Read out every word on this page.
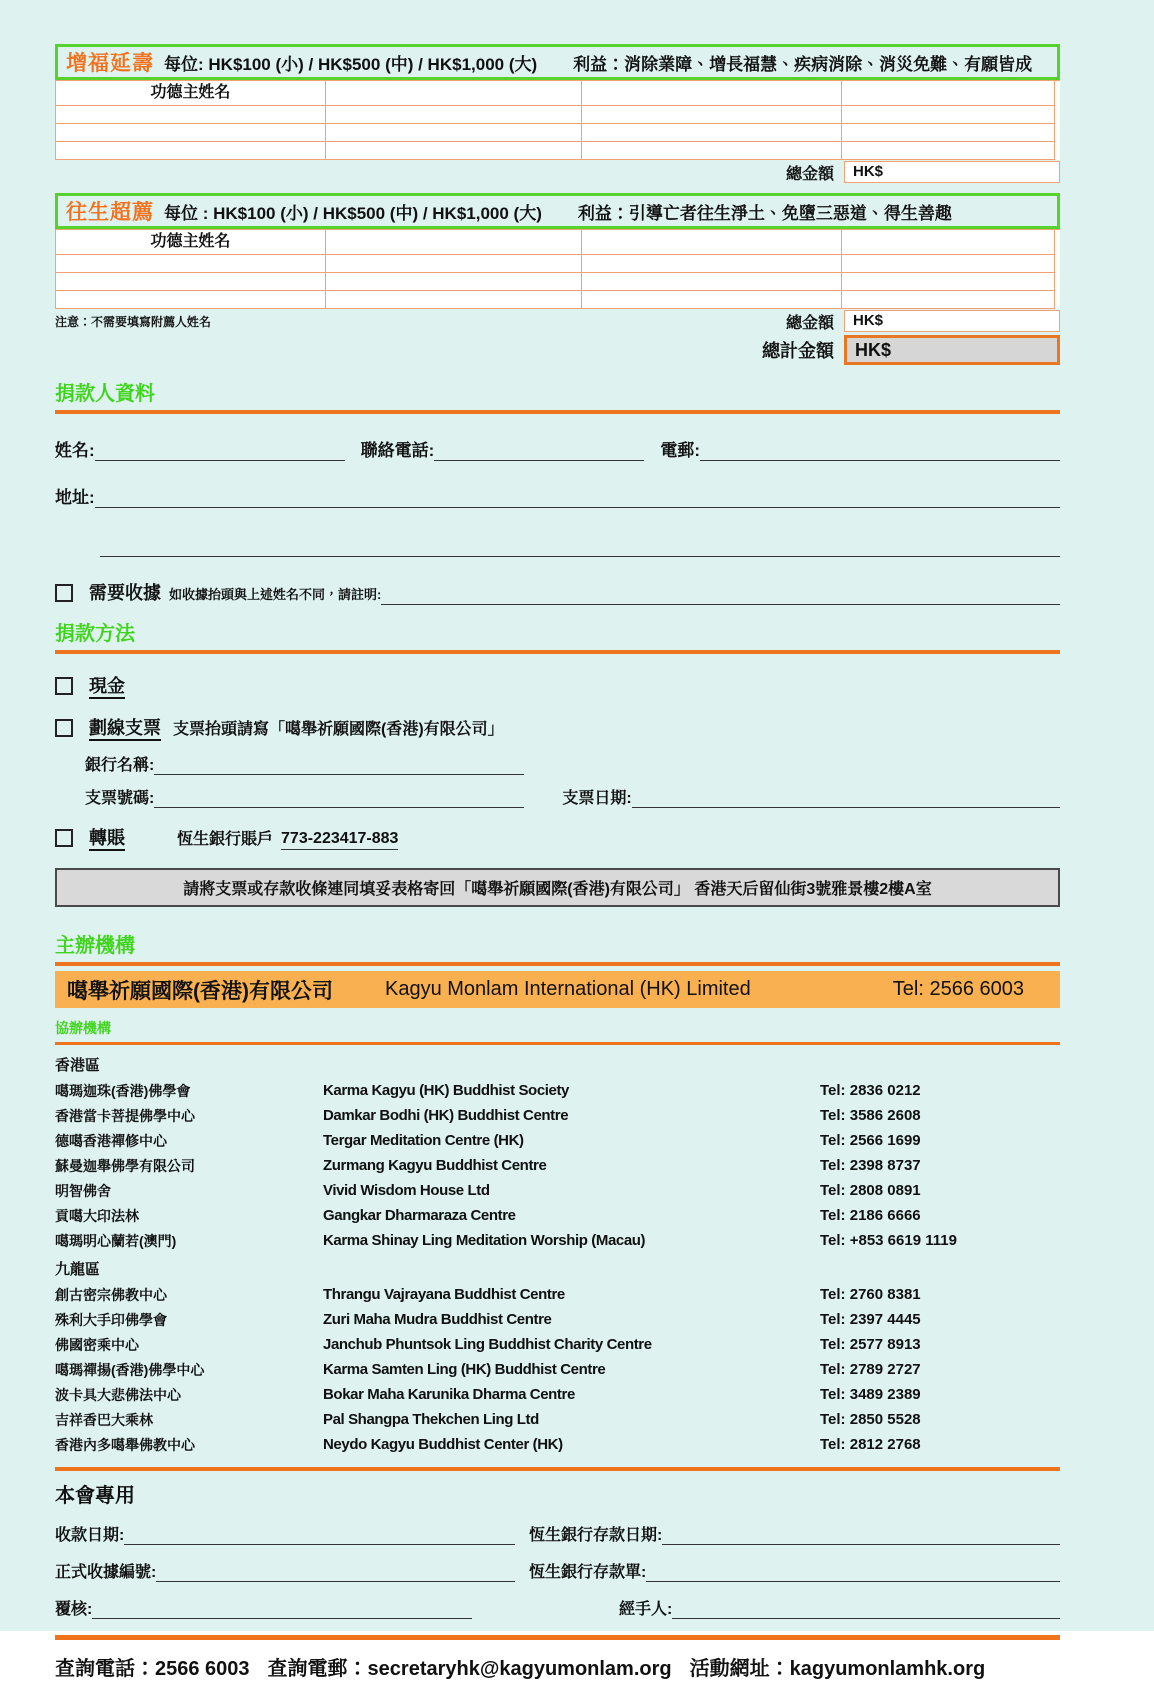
增福延壽 每位: HK$100 (小) / HK$500 (中) / HK$1,000 (大) 利益：消除業障、增長福慧、疾病消除、消災免難、有願皆成
功德主姓名
總金額	HK$
往生超薦 每位 : HK$100 (小) / HK$500 (中) / HK$1,000 (大) 利益：引導亡者往生淨土、免墮三惡道、得生善趣
功德主姓名
注意：不需要填寫附薦人姓名	總金額	HK$
總計金額	HK$
捐款人資料
姓名:	聯絡電話:	電郵:
地址:
需要收據 如收據抬頭與上述姓名不同，請註明:
捐款方法
現金
劃線支票 支票抬頭請寫「噶舉祈願國際(香港)有限公司」
銀行名稱:
支票號碼:	支票日期:
轉賬	恆生銀行賬户 773-223417-883
請將支票或存款收條連同填妥表格寄回「噶舉祈願國際(香港)有限公司」 香港天后留仙街3號雅景樓2樓A室
主辦機構
噶舉祈願國際(香港)有限公司	Kagyu Monlam International (HK) Limited	Tel: 2566 6003
協辦機構
香港區
噶瑪迦珠(香港)佛學會	Karma Kagyu (HK) Buddhist Society	Tel: 2836 0212
香港當卡菩提佛學中心	Damkar Bodhi (HK) Buddhist Centre	Tel: 3586 2608
德噶香港禪修中心	Tergar Meditation Centre (HK)	Tel: 2566 1699
蘇曼迦舉佛學有限公司	Zurmang Kagyu Buddhist Centre	Tel: 2398 8737
明智佛舍	Vivid Wisdom House Ltd	Tel: 2808 0891
貢噶大印法林	Gangkar Dharmaraza Centre	Tel: 2186 6666
噶瑪明心蘭若(澳門)	Karma Shinay Ling Meditation Worship (Macau)	Tel: +853 6619 1119
九龍區
創古密宗佛教中心	Thrangu Vajrayana Buddhist Centre	Tel: 2760 8381
殊利大手印佛學會	Zuri Maha Mudra Buddhist Centre	Tel: 2397 4445
佛國密乘中心	Janchub Phuntsok Ling Buddhist Charity Centre	Tel: 2577 8913
噶瑪禪揚(香港)佛學中心	Karma Samten Ling (HK) Buddhist Centre	Tel: 2789 2727
波卡具大悲佛法中心	Bokar Maha Karunika Dharma Centre	Tel: 3489 2389
吉祥香巴大乘林	Pal Shangpa Thekchen Ling Ltd	Tel: 2850 5528
香港內多噶舉佛教中心	Neydo Kagyu Buddhist Center (HK)	Tel: 2812 2768
本會專用
收款日期:	恆生銀行存款日期:
正式收據編號:	恆生銀行存款單:
覆核:	經手人:
查詢電話：2566 6003 查詢電郵：secretaryhk@kagyumonlam.org 活動網址：kagyumonlamhk.org
